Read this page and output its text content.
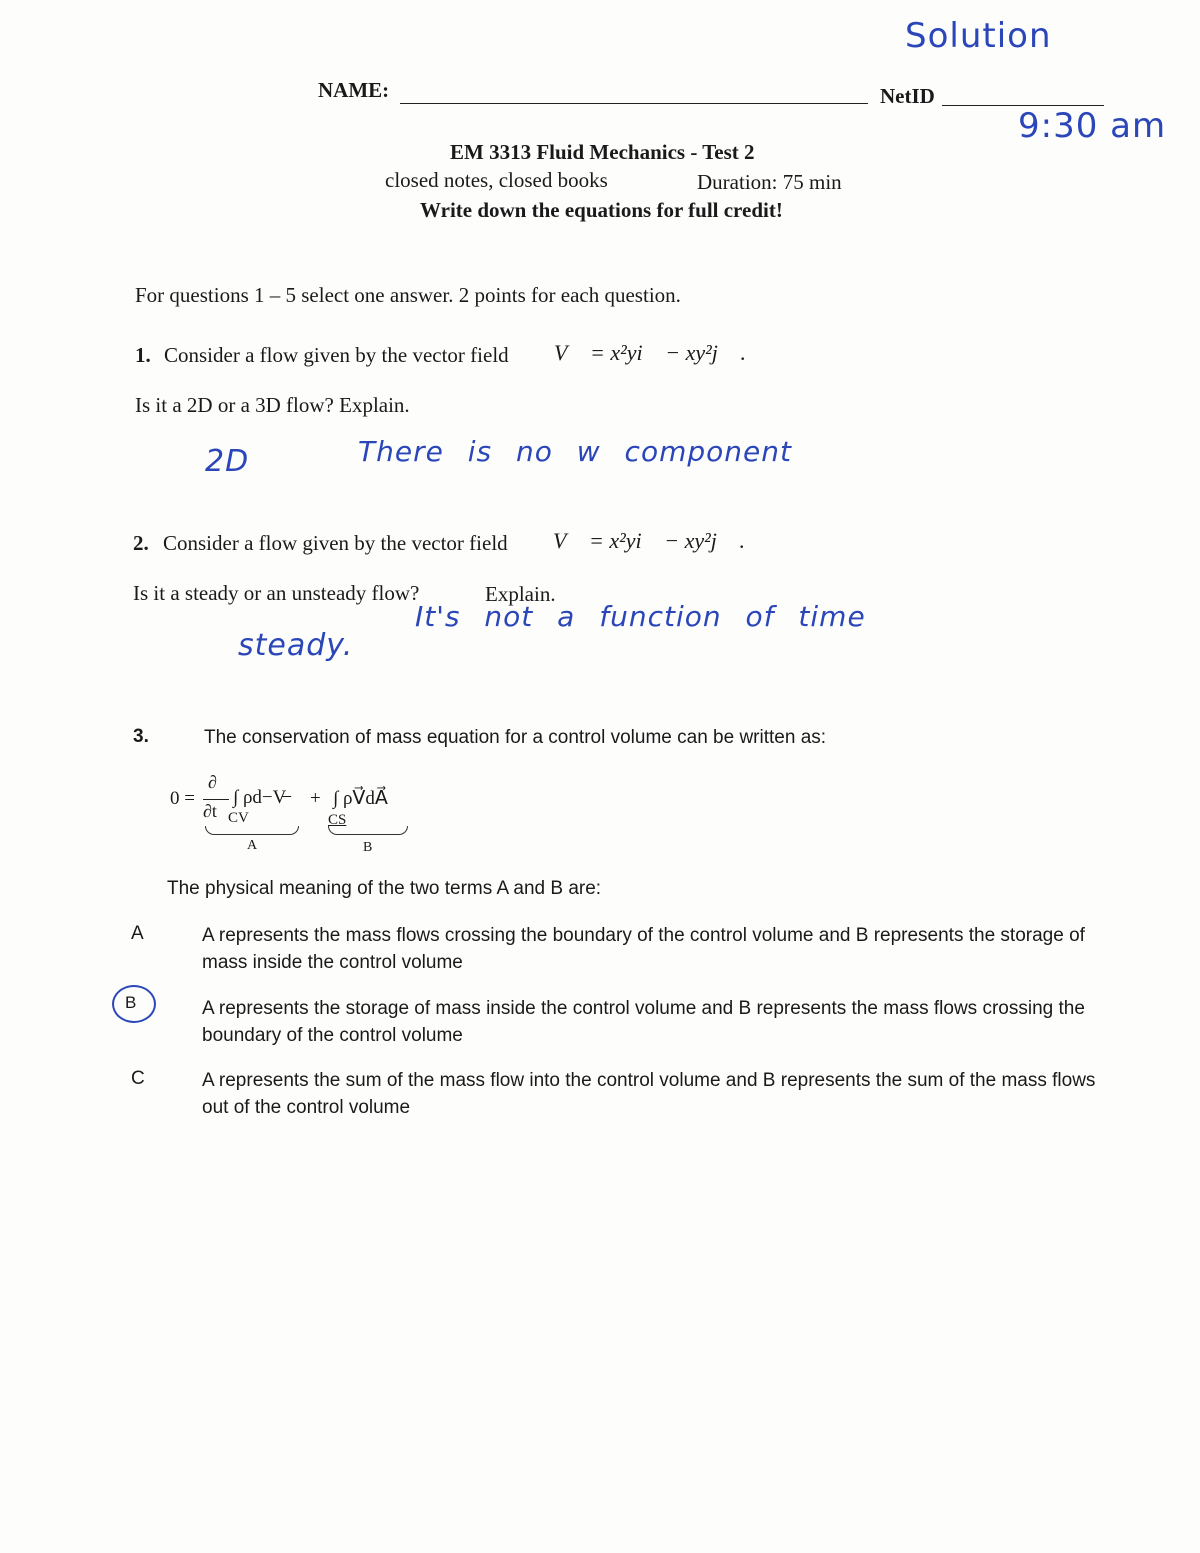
Solution
9:30 am
NAME:	NetID
EM 3313 Fluid Mechanics - Test 2
closed notes, closed books	Duration: 75 min
Write down the equations for full credit!
For questions 1 – 5 select one answer. 2 points for each question.
1. Consider a flow given by the vector field V⃗ = x²yi⃗ − xy²j⃗ .
Is it a 2D or a 3D flow? Explain.
2D	There is no w component
2. Consider a flow given by the vector field V⃗ = x²yi⃗ − xy²j⃗ .
Is it a steady or an unsteady flow?	Explain.
steady.
It's not a function of time
3.	The conservation of mass equation for a control volume can be written as:
0 =
∂
∂t
∫ ρd−V̶ + ∫ ρV⃗dA⃗
CV	CS
A	B
The physical meaning of the two terms A and B are:
A	A represents the mass flows crossing the boundary of the control volume and B represents the storage of mass inside the control volume
B	A represents the storage of mass inside the control volume and B represents the mass flows crossing the boundary of the control volume
C	A represents the sum of the mass flow into the control volume and B represents the sum of the mass flows out of the control volume
